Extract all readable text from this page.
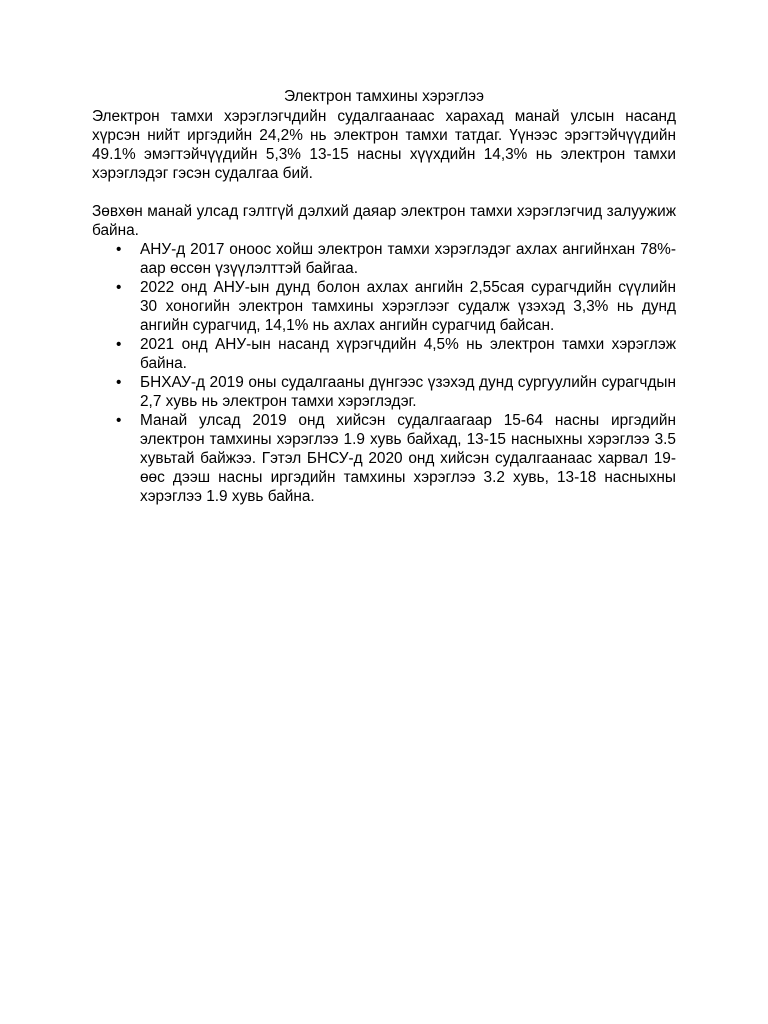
Электрон тамхины хэрэглээ

Электрон тамхи хэрэглэгчдийн судалгаанаас харахад манай улсын насанд хүрсэн нийт иргэдийн 24,2% нь электрон тамхи татдаг. Үүнээс эрэгтэйчүүдийн 49.1% эмэгтэйчүүдийн 5,3% 13-15 насны хүүхдийн 14,3% нь электрон тамхи хэрэглэдэг гэсэн судалгаа бий.

Зөвхөн манай улсад гэлтгүй дэлхий даяар электрон тамхи хэрэглэгчид залуужиж байна.

•	АНУ-д 2017 оноос хойш электрон тамхи хэрэглэдэг ахлах ангийнхан 78%-аар өссөн үзүүлэлттэй байгаа.
•	2022 онд АНУ-ын дунд болон ахлах ангийн 2,55сая сурагчдийн сүүлийн 30 хоногийн электрон тамхины хэрэглээг судалж үзэхэд 3,3% нь дунд ангийн сурагчид, 14,1% нь ахлах ангийн сурагчид байсан.
•	2021 онд АНУ-ын насанд хүрэгчдийн 4,5% нь электрон тамхи хэрэглэж байна.
•	БНХАУ-д 2019 оны судалгааны дүнгээс үзэхэд дунд сургуулийн сурагчдын 2,7 хувь нь электрон тамхи хэрэглэдэг.
•	Манай улсад 2019 онд хийсэн судалгаагаар 15-64 насны иргэдийн электрон тамхины хэрэглээ 1.9 хувь байхад, 13-15 насныхны хэрэглээ 3.5 хувьтай байжээ. Гэтэл БНСУ-д 2020 онд хийсэн судалгаанаас харвал 19-өөс дээш насны иргэдийн тамхины хэрэглээ 3.2 хувь, 13-18 насныхны хэрэглээ 1.9 хувь байна.
